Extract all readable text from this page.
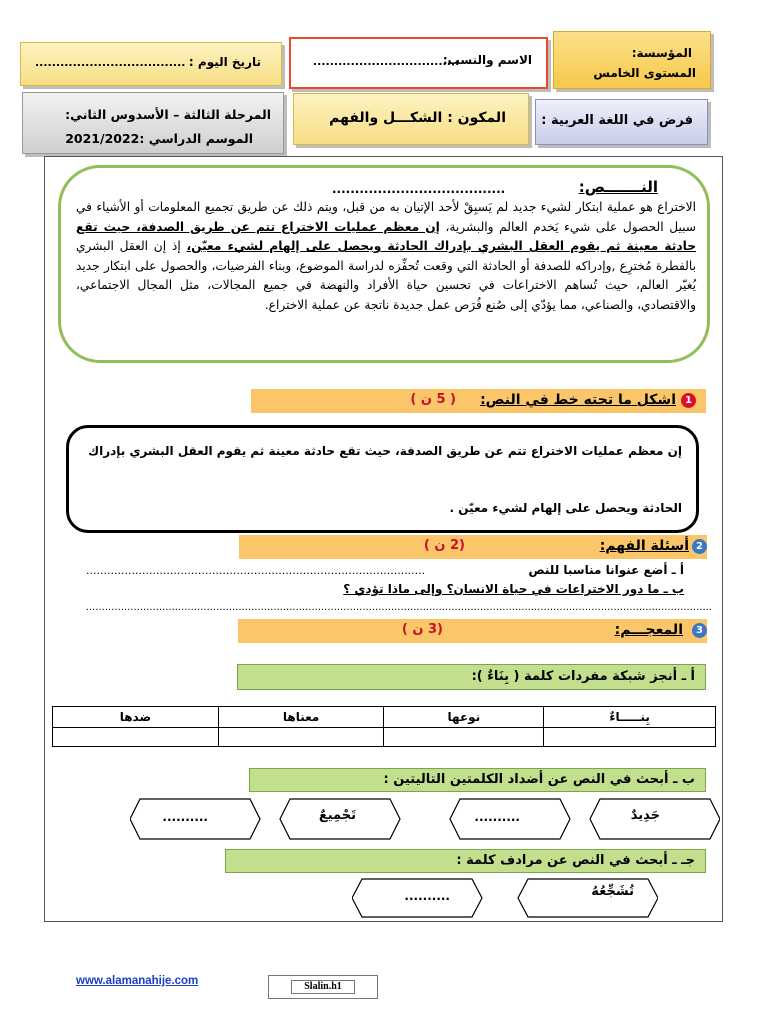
المؤسسة:
المستوى الخامس
الاسم والنسب:
...................................
تاريخ اليوم :
....................................
فرض في اللغة العربية :
المكون : الشكـــل والفهم
المرحلة الثالثة – الأسدوس الثاني:
الموسم الدراسي :2021/2022
النـــــــص:
......................................
الاختراع هو عملية ابتكار لشيء جديد لم يَسبِقْ لأحد الإتيان به من قبل، ويتم ذلك عن طريق تجميع المعلومات أو الأشياء في سبيل الحصول على شيء يَخدم العالم والبشرية، إن معظم عمليات الاختراع تتم عن طريق الصدفة، حيث تقع حادثة معينة ثم يقوم العقل البشري بإدراك الحادثة ويحصل على إلهام لشيء معيّن، إذ إن العقل البشري بالفطرة مُخترِع ,وإدراكه للصدفة أو الحادثة التي وقعت تُحفِّزه لدراسة الموضوع، وبناء الفرضيات، والحصول على ابتكار جديد يُغيّر العالم، حيث تُساهم الاختراعات في تحسين حياة الأفراد والنهضة في جميع المجالات، مثل المجال الاجتماعي، والاقتصادي، والصناعي، مما يؤدّي إلى صُنع فُرَص عمل جديدة ناتجة عن عملية الاختراع.
1
اشكل ما تحته خط في النص:
( 5 ن )
إن معظم عمليات الاختراع تتم عن طريق الصدفة، حيث تقع حادثة معينة ثم يقوم العقل البشري بإدراك
الحادثة ويحصل على إلهام لشيء معيّن .
2
أسئلة الفهم:
(2 ن )
أ ـ أضع عنوانا مناسبا للنص
.................................................................................................
ب ـ ما دور الاختراعات في حياة الانسان؟ وإلى ماذا تؤدي ؟
.....................................................................................................................................................................................................
3
المعجـــم:
(3 ن )
أ ـ أنجز شبكة مفردات كلمة ( بِنَاءٌ ):
بِنـــــاءٌ	نوعها	معناها	ضدها

ب ـ أبحث في النص عن أضداد الكلمتين التاليتين :
جَدِيدٌ
..........
تَجْمِيعٌ
..........
جـ ـ أبحث في النص عن مرادف كلمة :
تُشَجِّعُهُ
..........
www.alamanahije.com	Slalin.h1
